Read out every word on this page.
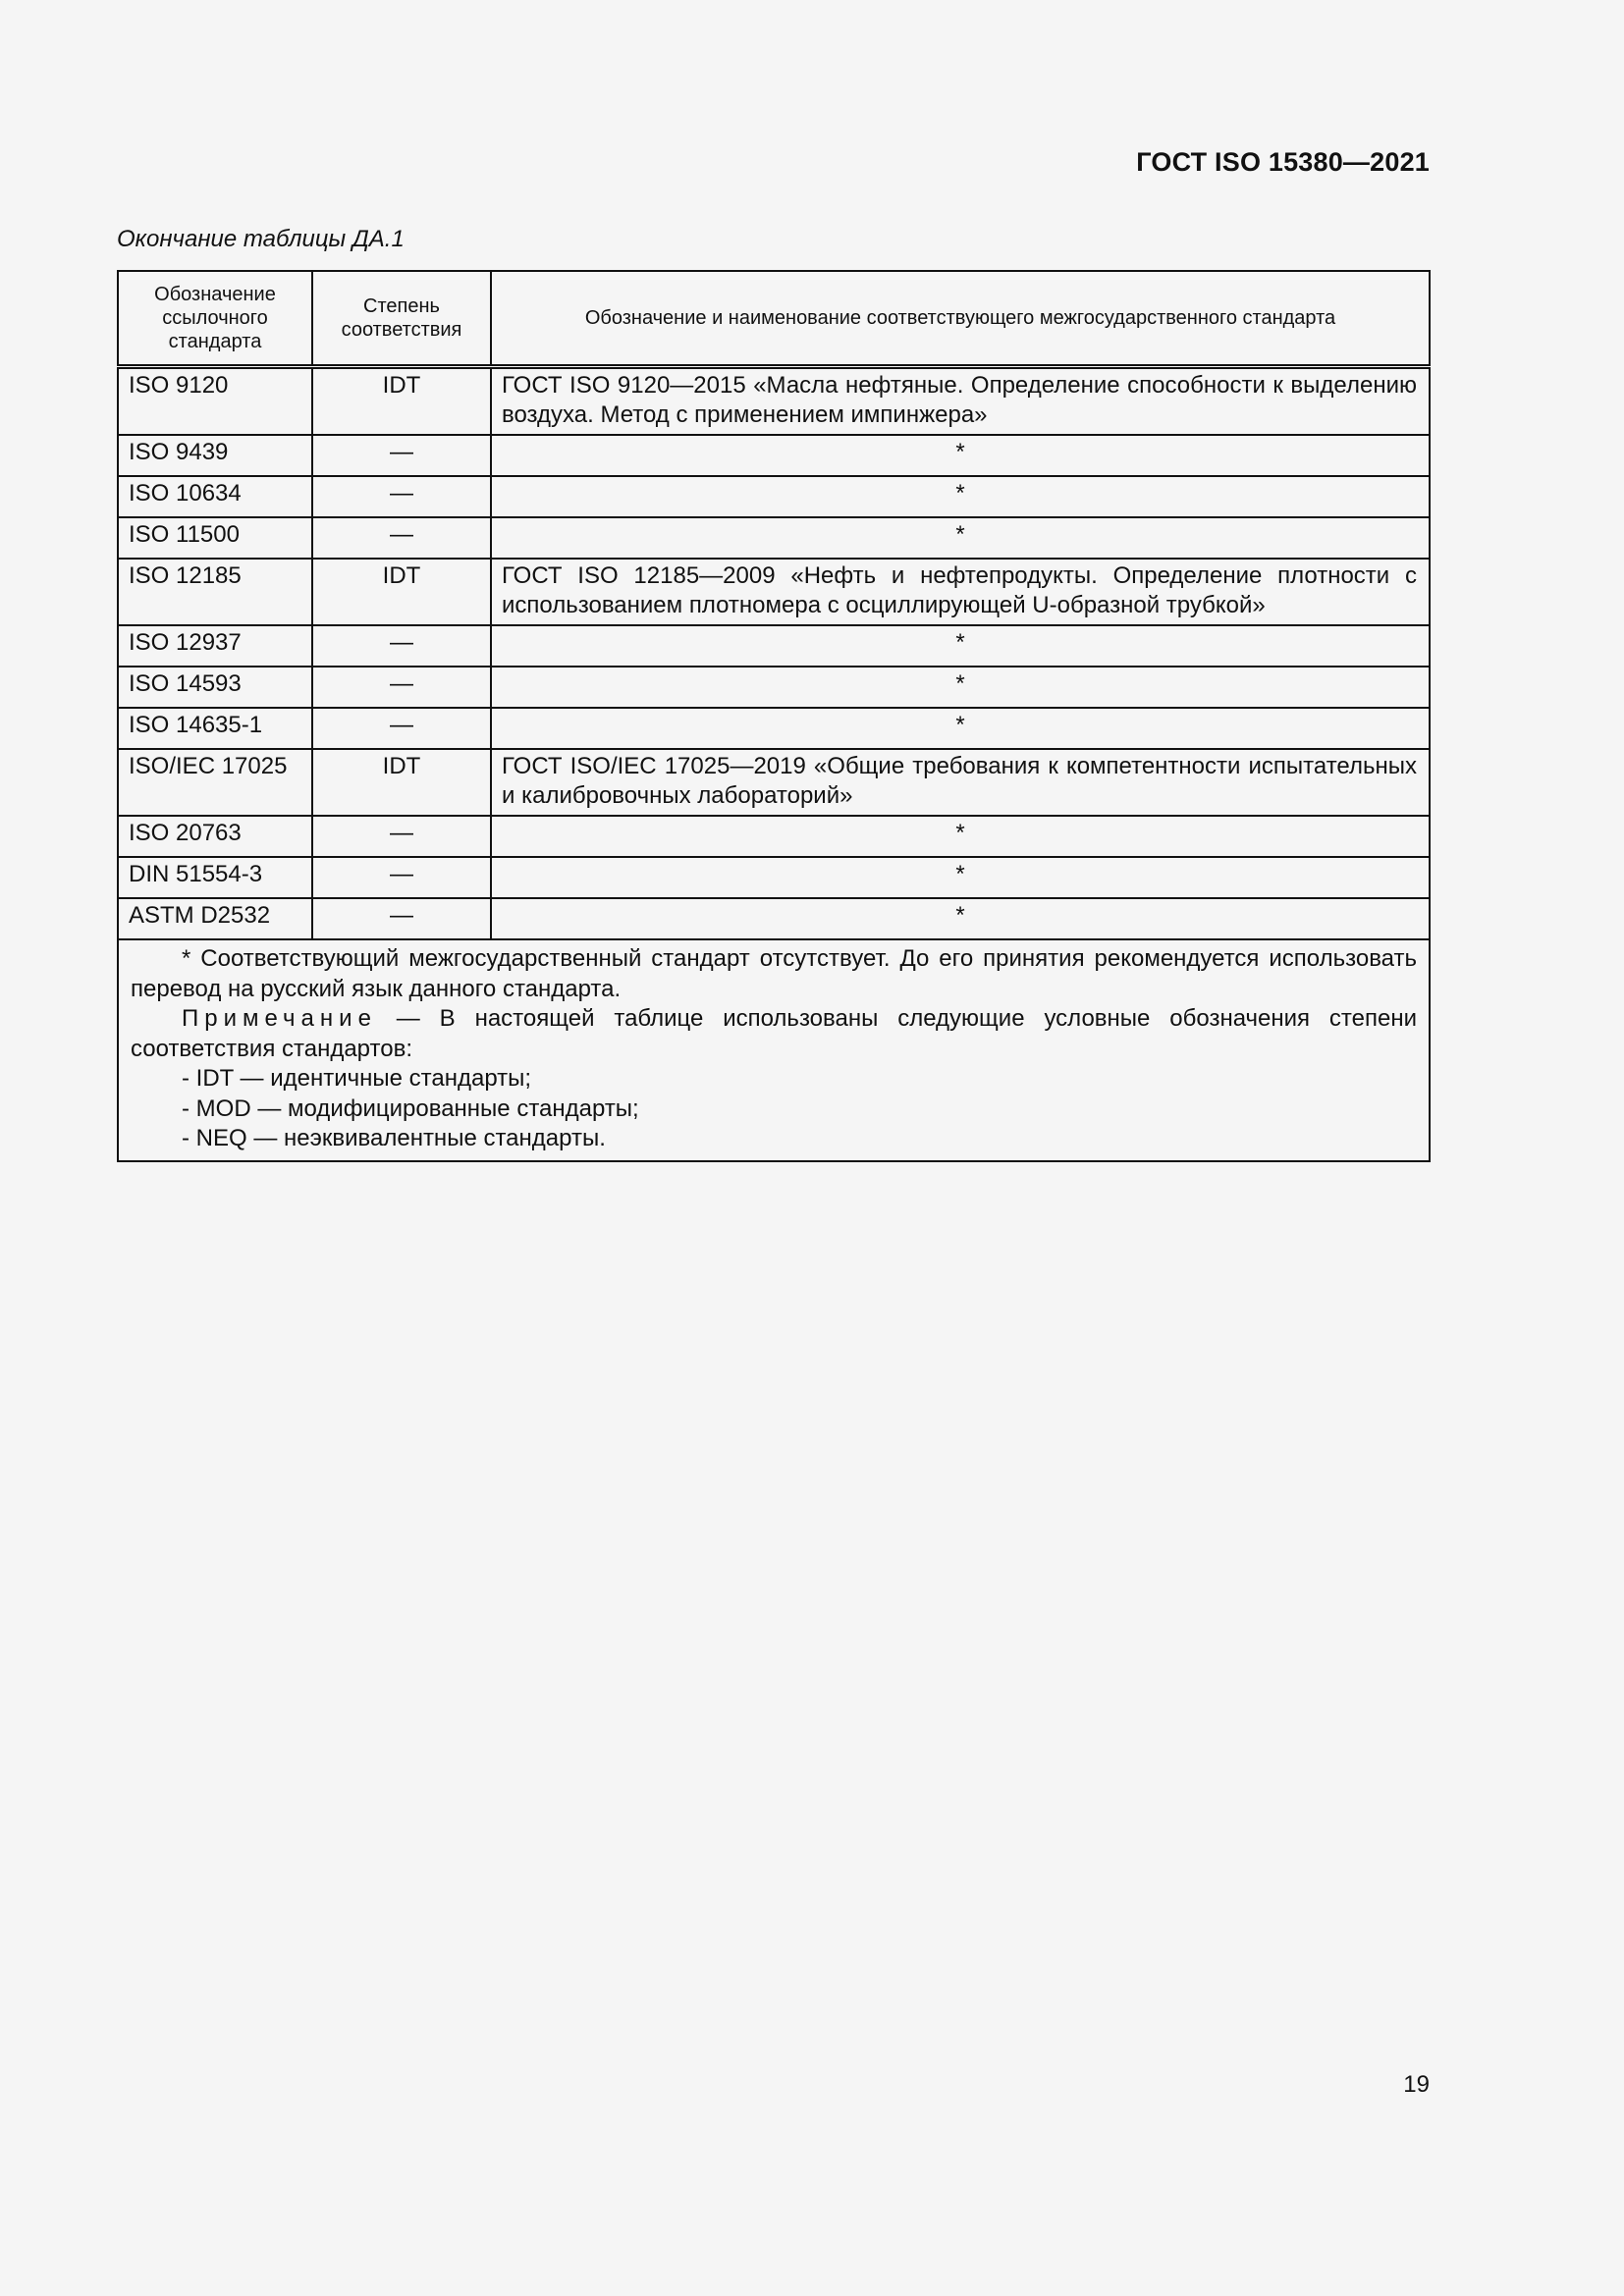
ГОСТ ISO 15380—2021
Окончание таблицы ДА.1
Обозначение ссылочного стандарта	Степень соответствия	Обозначение и наименование соответствующего межгосударственного стандарта
ISO 9120	IDT	ГОСТ ISO 9120—2015 «Масла нефтяные. Определение способности к выделению воздуха. Метод с применением импинжера»
ISO 9439	—	*
ISO 10634	—	*
ISO 11500	—	*
ISO 12185	IDT	ГОСТ ISO 12185—2009 «Нефть и нефтепродукты. Определение плотности с использованием плотномера с осциллирующей U-образной трубкой»
ISO 12937	—	*
ISO 14593	—	*
ISO 14635-1	—	*
ISO/IEC 17025	IDT	ГОСТ ISO/IEC 17025—2019 «Общие требования к компетентности испытательных и калибровочных лабораторий»
ISO 20763	—	*
DIN 51554-3	—	*
ASTM D2532	—	*

* Соответствующий межгосударственный стандарт отсутствует. До его принятия рекомендуется использовать перевод на русский язык данного стандарта.

Примечание — В настоящей таблице использованы следующие условные обозначения степени соответствия стандартов:

- IDT — идентичные стандарты;

- MOD — модифицированные стандарты;

- NEQ — неэквивалентные стандарты.		

19
